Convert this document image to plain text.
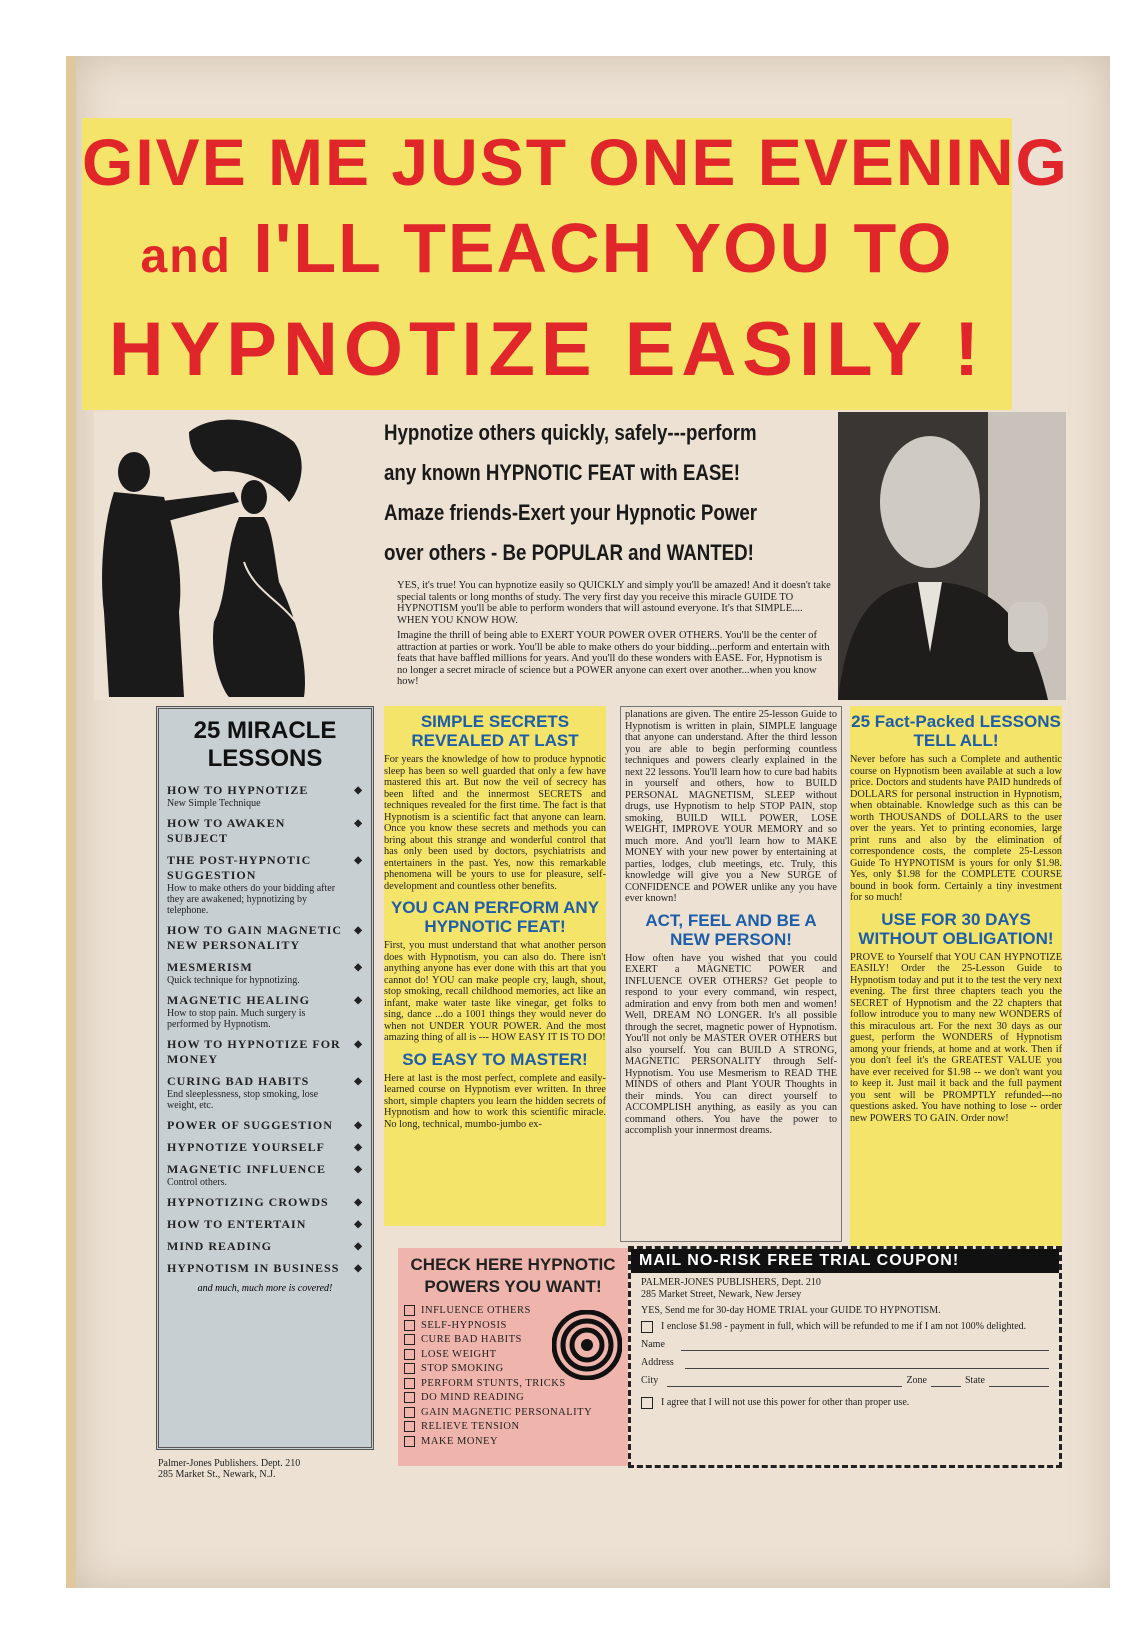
GIVE ME JUST ONE EVENING
and I'LL TEACH YOU TO
HYPNOTIZE EASILY !
Hypnotize others quickly, safely---perform
any known HYPNOTIC FEAT with EASE!
Amaze friends-Exert your Hypnotic Power
over others - Be POPULAR and WANTED!

YES, it's true! You can hypnotize easily so QUICKLY and simply you'll be amazed! And it doesn't take special talents or long months of study. The very first day you receive this miracle GUIDE TO HYPNOTISM you'll be able to perform wonders that will astound everyone. It's that SIMPLE.... WHEN YOU KNOW HOW.

Imagine the thrill of being able to EXERT YOUR POWER OVER OTHERS. You'll be the center of attraction at parties or work. You'll be able to make others do your bidding...perform and entertain with feats that have baffled millions for years. And you'll do these wonders with EASE. For, Hypnotism is no longer a secret miracle of science but a POWER anyone can exert over another...when you know how!

25 MIRACLE
LESSONS
HOW TO HYPNOTIZE
New Simple Technique
◆
HOW TO AWAKEN SUBJECT
◆
THE POST-HYPNOTIC SUGGESTION
How to make others do your bidding after they are awakened; hypnotizing by telephone.
◆
HOW TO GAIN MAGNETIC NEW PERSONALITY
◆
MESMERISM
Quick technique for hypnotizing.
◆
MAGNETIC HEALING
How to stop pain. Much surgery is performed by Hypnotism.
◆
HOW TO HYPNOTIZE FOR MONEY
◆
CURING BAD HABITS
End sleeplessness, stop smoking, lose weight, etc.
◆
POWER OF SUGGESTION
◆
HYPNOTIZE YOURSELF
◆
MAGNETIC INFLUENCE
Control others.
◆
HYPNOTIZING CROWDS
◆
HOW TO ENTERTAIN
◆
MIND READING
◆
HYPNOTISM IN BUSINESS
◆
and much, much more is covered!
Palmer-Jones Publishers. Dept. 210
285 Market St., Newark, N.J.
SIMPLE SECRETS REVEALED AT LAST

For years the knowledge of how to produce hypnotic sleep has been so well guarded that only a few have mastered this art. But now the veil of secrecy has been lifted and the innermost SECRETS and techniques revealed for the first time. The fact is that Hypnotism is a scientific fact that anyone can learn. Once you know these secrets and methods you can bring about this strange and wonderful control that has only been used by doctors, psychiatrists and entertainers in the past. Yes, now this remarkable phenomena will be yours to use for pleasure, self-development and countless other benefits.

YOU CAN PERFORM ANY HYPNOTIC FEAT!

First, you must understand that what another person does with Hypnotism, you can also do. There isn't anything anyone has ever done with this art that you cannot do! YOU can make people cry, laugh, shout, stop smoking, recall childhood memories, act like an infant, make water taste like vinegar, get folks to sing, dance ...do a 1001 things they would never do when not UNDER YOUR POWER. And the most amazing thing of all is --- HOW EASY IT IS TO DO!

SO EASY TO MASTER!

Here at last is the most perfect, complete and easily-learned course on Hypnotism ever written. In three short, simple chapters you learn the hidden secrets of Hypnotism and how to work this scientific miracle. No long, technical, mumbo-jumbo ex-

planations are given. The entire 25-lesson Guide to Hypnotism is written in plain, SIMPLE language that anyone can understand. After the third lesson you are able to begin performing countless techniques and powers clearly explained in the next 22 lessons. You'll learn how to cure bad habits in yourself and others, how to BUILD PERSONAL MAGNETISM, SLEEP without drugs, use Hypnotism to help STOP PAIN, stop smoking, BUILD WILL POWER, LOSE WEIGHT, IMPROVE YOUR MEMORY and so much more. And you'll learn how to MAKE MONEY with your new power by entertaining at parties, lodges, club meetings, etc. Truly, this knowledge will give you a New SURGE of CONFIDENCE and POWER unlike any you have ever known!

ACT, FEEL AND BE A NEW PERSON!

How often have you wished that you could EXERT a MAGNETIC POWER and INFLUENCE OVER OTHERS? Get people to respond to your every command, win respect, admiration and envy from both men and women! Well, DREAM NO LONGER. It's all possible through the secret, magnetic power of Hypnotism. You'll not only be MASTER OVER OTHERS but also yourself. You can BUILD A STRONG, MAGNETIC PERSONALITY through Self-Hypnotism. You use Mesmerism to READ THE MINDS of others and Plant YOUR Thoughts in their minds. You can direct yourself to ACCOMPLISH anything, as easily as you can command others. You have the power to accomplish your innermost dreams.

25 Fact-Packed LESSONS TELL ALL!

Never before has such a Complete and authentic course on Hypnotism been available at such a low price. Doctors and students have PAID hundreds of DOLLARS for personal instruction in Hypnotism, when obtainable. Knowledge such as this can be worth THOUSANDS of DOLLARS to the user over the years. Yet to printing economies, large print runs and also by the elimination of correspondence costs, the complete 25-Lesson Guide To HYPNOTISM is yours for only $1.98. Yes, only $1.98 for the COMPLETE COURSE bound in book form. Certainly a tiny investment for so much!

USE FOR 30 DAYS WITHOUT OBLIGATION!

PROVE to Yourself that YOU CAN HYPNOTIZE EASILY! Order the 25-Lesson Guide to Hypnotism today and put it to the test the very next evening. The first three chapters teach you the SECRET of Hypnotism and the 22 chapters that follow introduce you to many new WONDERS of this miraculous art. For the next 30 days as our guest, perform the WONDERS of Hypnotism among your friends, at home and at work. Then if you don't feel it's the GREATEST VALUE you have ever received for $1.98 -- we don't want you to keep it. Just mail it back and the full payment you sent will be PROMPTLY refunded---no questions asked. You have nothing to lose -- order new POWERS TO GAIN. Order now!

CHECK HERE HYPNOTIC
POWERS YOU WANT!
INFLUENCE OTHERS
SELF-HYPNOSIS
CURE BAD HABITS
LOSE WEIGHT
STOP SMOKING
PERFORM STUNTS, TRICKS
DO MIND READING
GAIN MAGNETIC PERSONALITY
RELIEVE TENSION
MAKE MONEY
MAIL NO-RISK FREE TRIAL COUPON!
PALMER-JONES PUBLISHERS, Dept. 210
285 Market Street, Newark, New Jersey
YES, Send me for 30-day HOME TRIAL your GUIDE TO HYPNOTISM.
I enclose $1.98 - payment in full, which will be refunded to me if I am not 100% delighted.
Name
Address
City	Zone	State
I agree that I will not use this power for other than proper use.
